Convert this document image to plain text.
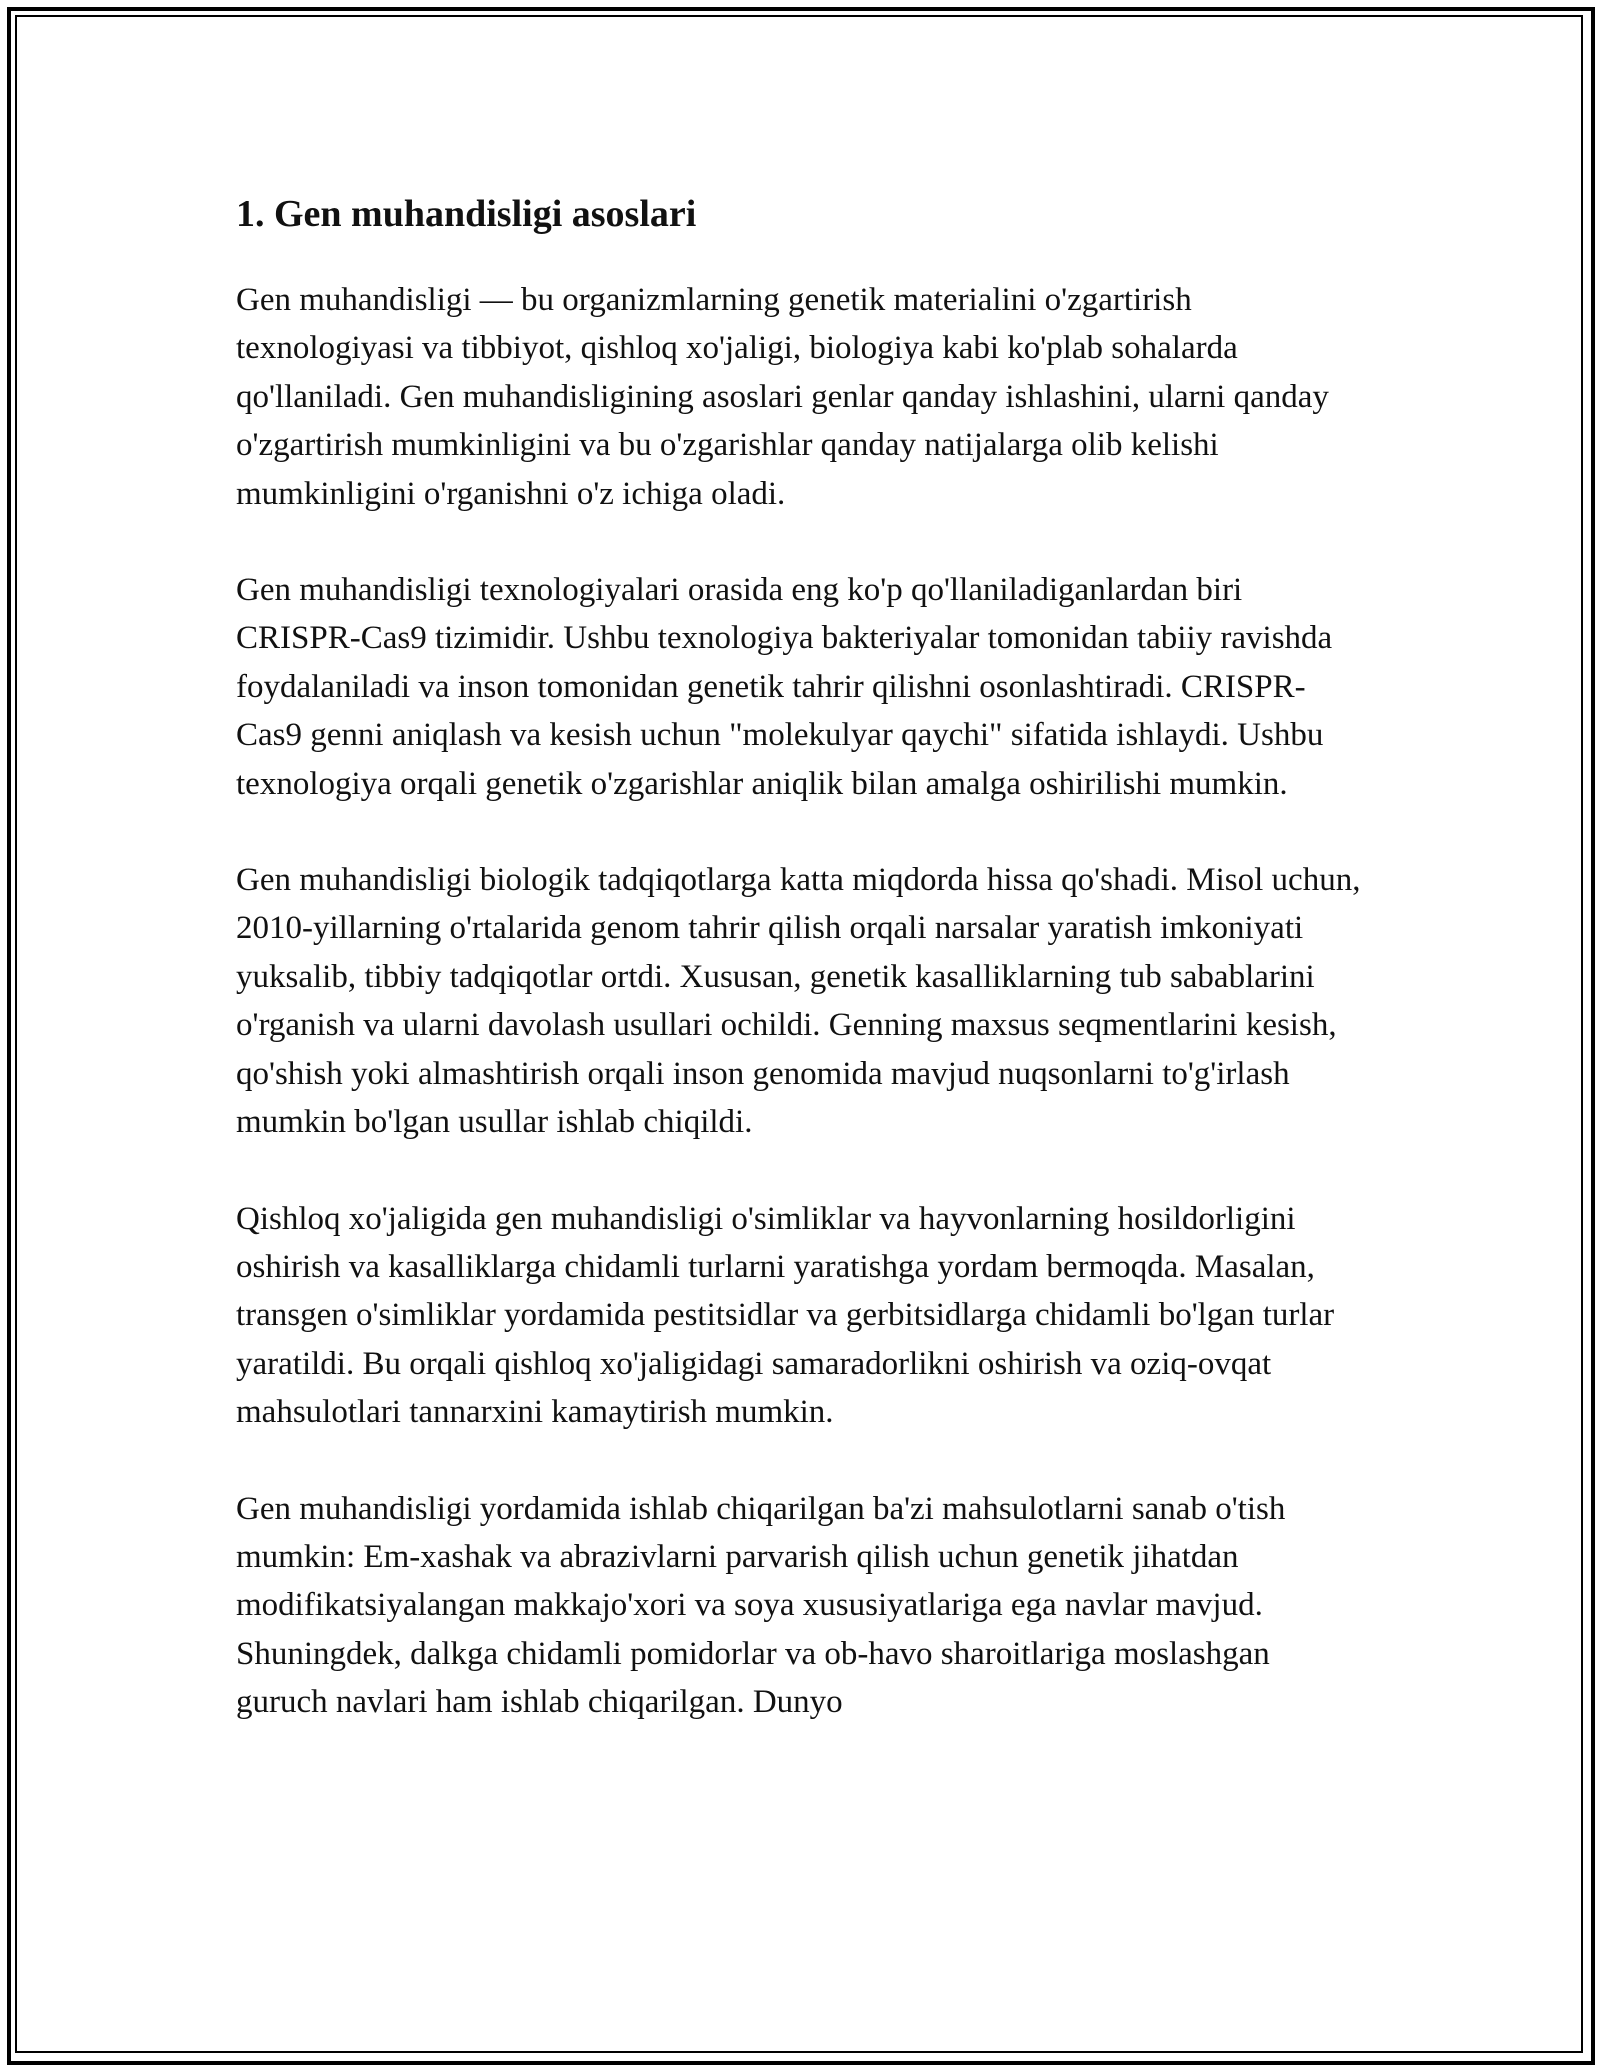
1. Gen muhandisligi asoslari

Gen muhandisligi — bu organizmlarning genetik materialini o'zgartirish texnologiyasi va tibbiyot, qishloq xo'jaligi, biologiya kabi ko'plab sohalarda qo'llaniladi. Gen muhandisligining asoslari genlar qanday ishlashini, ularni qanday o'zgartirish mumkinligini va bu o'zgarishlar qanday natijalarga olib kelishi mumkinligini o'rganishni o'z ichiga oladi.

Gen muhandisligi texnologiyalari orasida eng ko'p qo'llaniladiganlardan biri CRISPR-Cas9 tizimidir. Ushbu texnologiya bakteriyalar tomonidan tabiiy ravishda foydalaniladi va inson tomonidan genetik tahrir qilishni osonlashtiradi. CRISPR-Cas9 genni aniqlash va kesish uchun "molekulyar qaychi" sifatida ishlaydi. Ushbu texnologiya orqali genetik o'zgarishlar aniqlik bilan amalga oshirilishi mumkin.

Gen muhandisligi biologik tadqiqotlarga katta miqdorda hissa qo'shadi. Misol uchun, 2010-yillarning o'rtalarida genom tahrir qilish orqali narsalar yaratish imkoniyati yuksalib, tibbiy tadqiqotlar ortdi. Xususan, genetik kasalliklarning tub sabablarini o'rganish va ularni davolash usullari ochildi. Genning maxsus seqmentlarini kesish, qo'shish yoki almashtirish orqali inson genomida mavjud nuqsonlarni to'g'irlash mumkin bo'lgan usullar ishlab chiqildi.

Qishloq xo'jaligida gen muhandisligi o'simliklar va hayvonlarning hosildorligini oshirish va kasalliklarga chidamli turlarni yaratishga yordam bermoqda. Masalan, transgen o'simliklar yordamida pestitsidlar va gerbitsidlarga chidamli bo'lgan turlar yaratildi. Bu orqali qishloq xo'jaligidagi samaradorlikni oshirish va oziq-ovqat mahsulotlari tannarxini kamaytirish mumkin.

Gen muhandisligi yordamida ishlab chiqarilgan ba'zi mahsulotlarni sanab o'tish mumkin: Em-xashak va abrazivlarni parvarish qilish uchun genetik jihatdan modifikatsiyalangan makkajo'xori va soya xususiyatlariga ega navlar mavjud. Shuningdek, dalkga chidamli pomidorlar va ob-havo sharoitlariga moslashgan guruch navlari ham ishlab chiqarilgan. Dunyo
